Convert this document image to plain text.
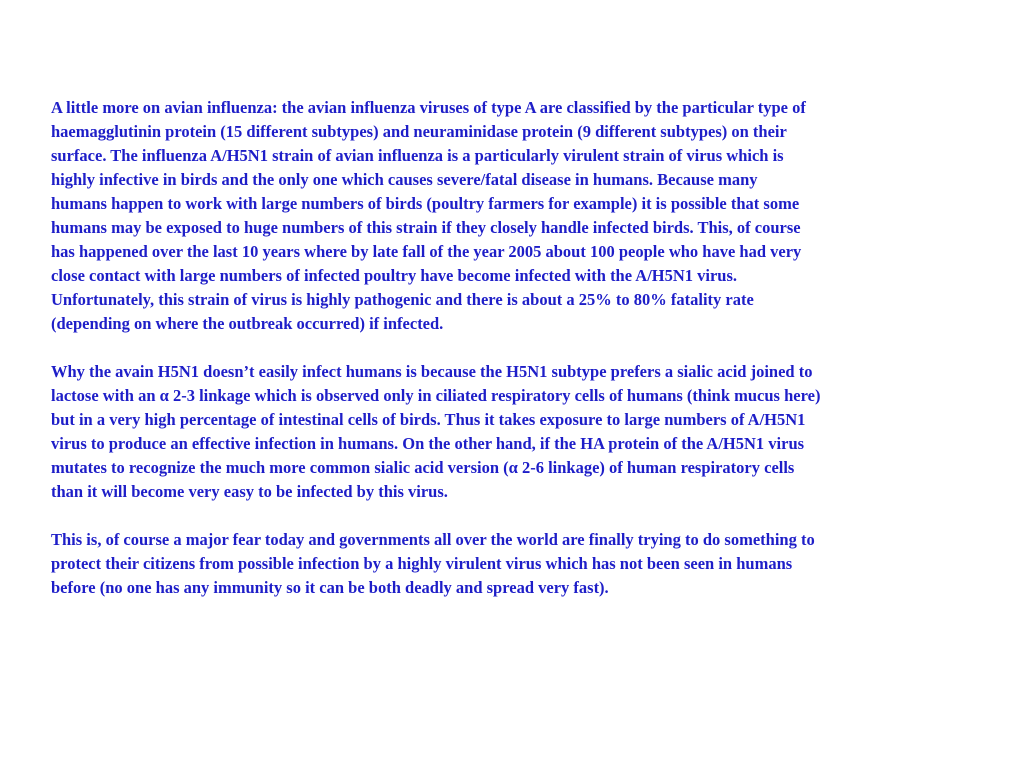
A little more on avian influenza: the avian influenza viruses of type A are classified by the particular type of
haemagglutinin protein (15 different subtypes) and neuraminidase protein (9 different subtypes) on their
surface. The influenza A/H5N1 strain of avian influenza is a particularly virulent strain of virus which is
highly infective in birds and the only one which causes severe/fatal disease in humans. Because many
humans happen to work with large numbers of birds (poultry farmers for example) it is possible that some
humans may be exposed to huge numbers of this strain if they closely handle infected birds. This, of course
has happened over the last 10 years where by late fall of the year 2005 about 100 people who have had very
close contact with large numbers of infected poultry have become infected with the A/H5N1 virus.
Unfortunately, this strain of virus is highly pathogenic and there is about a 25% to 80% fatality rate
(depending on where the outbreak occurred) if infected.

Why the avain H5N1 doesn’t easily infect humans is because the H5N1 subtype prefers a sialic acid joined to
lactose with an α 2-3 linkage which is observed only in ciliated respiratory cells of humans (think mucus here)
but in a very high percentage of intestinal cells of birds. Thus it takes exposure to large numbers of A/H5N1
virus to produce an effective infection in humans. On the other hand, if the HA protein of the A/H5N1 virus
mutates to recognize the much more common sialic acid version (α 2-6 linkage) of human respiratory cells
than it will become very easy to be infected by this virus.

This is, of course a major fear today and governments all over the world are finally trying to do something to
protect their citizens from possible infection by a highly virulent virus which has not been seen in humans
before (no one has any immunity so it can be both deadly and spread very fast).
